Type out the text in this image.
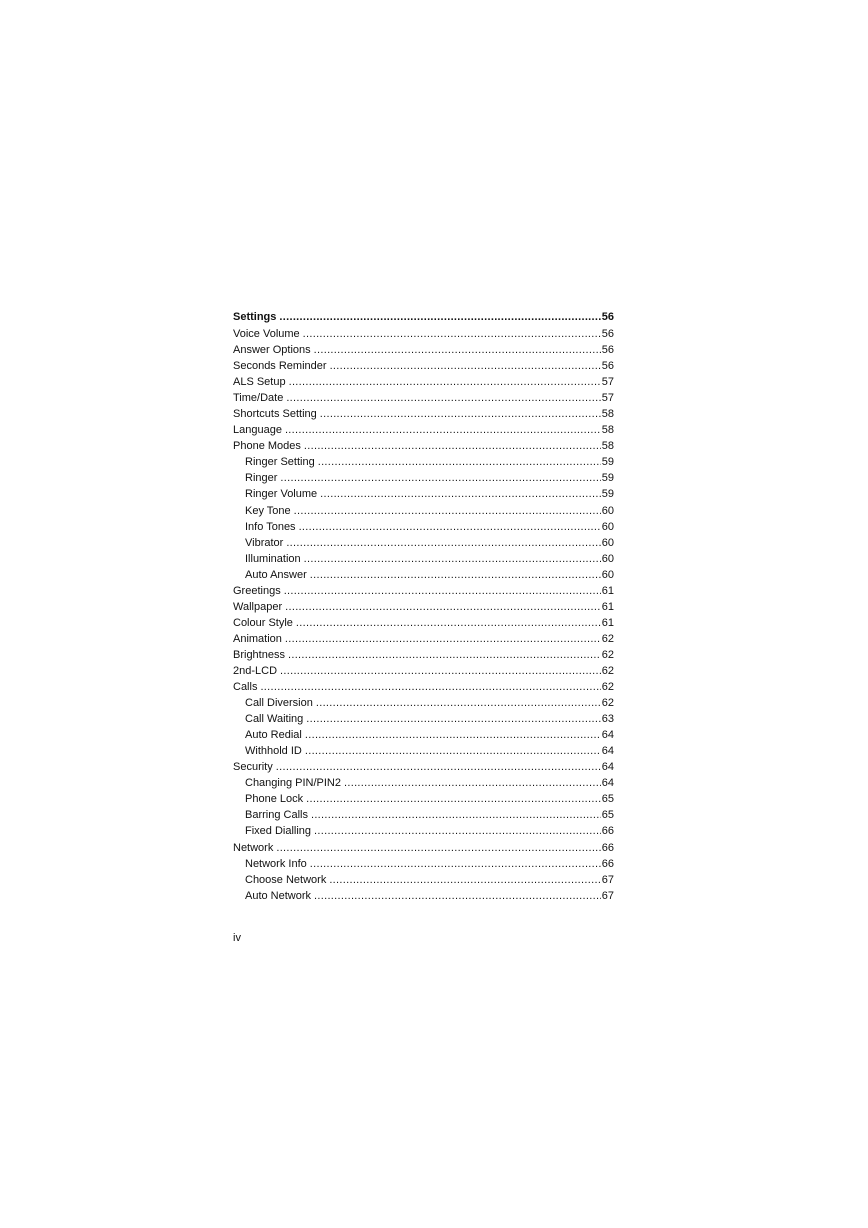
Settings .....	56
Voice Volume .....	56
Answer Options .....	56
Seconds Reminder .....	56
ALS Setup .....	57
Time/Date .....	57
Shortcuts Setting .....	58
Language .....	58
Phone Modes .....	58
Ringer Setting .....	59
Ringer .....	59
Ringer Volume .....	59
Key Tone .....	60
Info Tones .....	60
Vibrator .....	60
Illumination .....	60
Auto Answer .....	60
Greetings .....	61
Wallpaper .....	61
Colour Style .....	61
Animation .....	62
Brightness .....	62
2nd-LCD .....	62
Calls .....	62
Call Diversion .....	62
Call Waiting .....	63
Auto Redial .....	64
Withhold ID .....	64
Security .....	64
Changing PIN/PIN2 .....	64
Phone Lock .....	65
Barring Calls .....	65
Fixed Dialling .....	66
Network .....	66
Network Info .....	66
Choose Network .....	67
Auto Network .....	67
iv
